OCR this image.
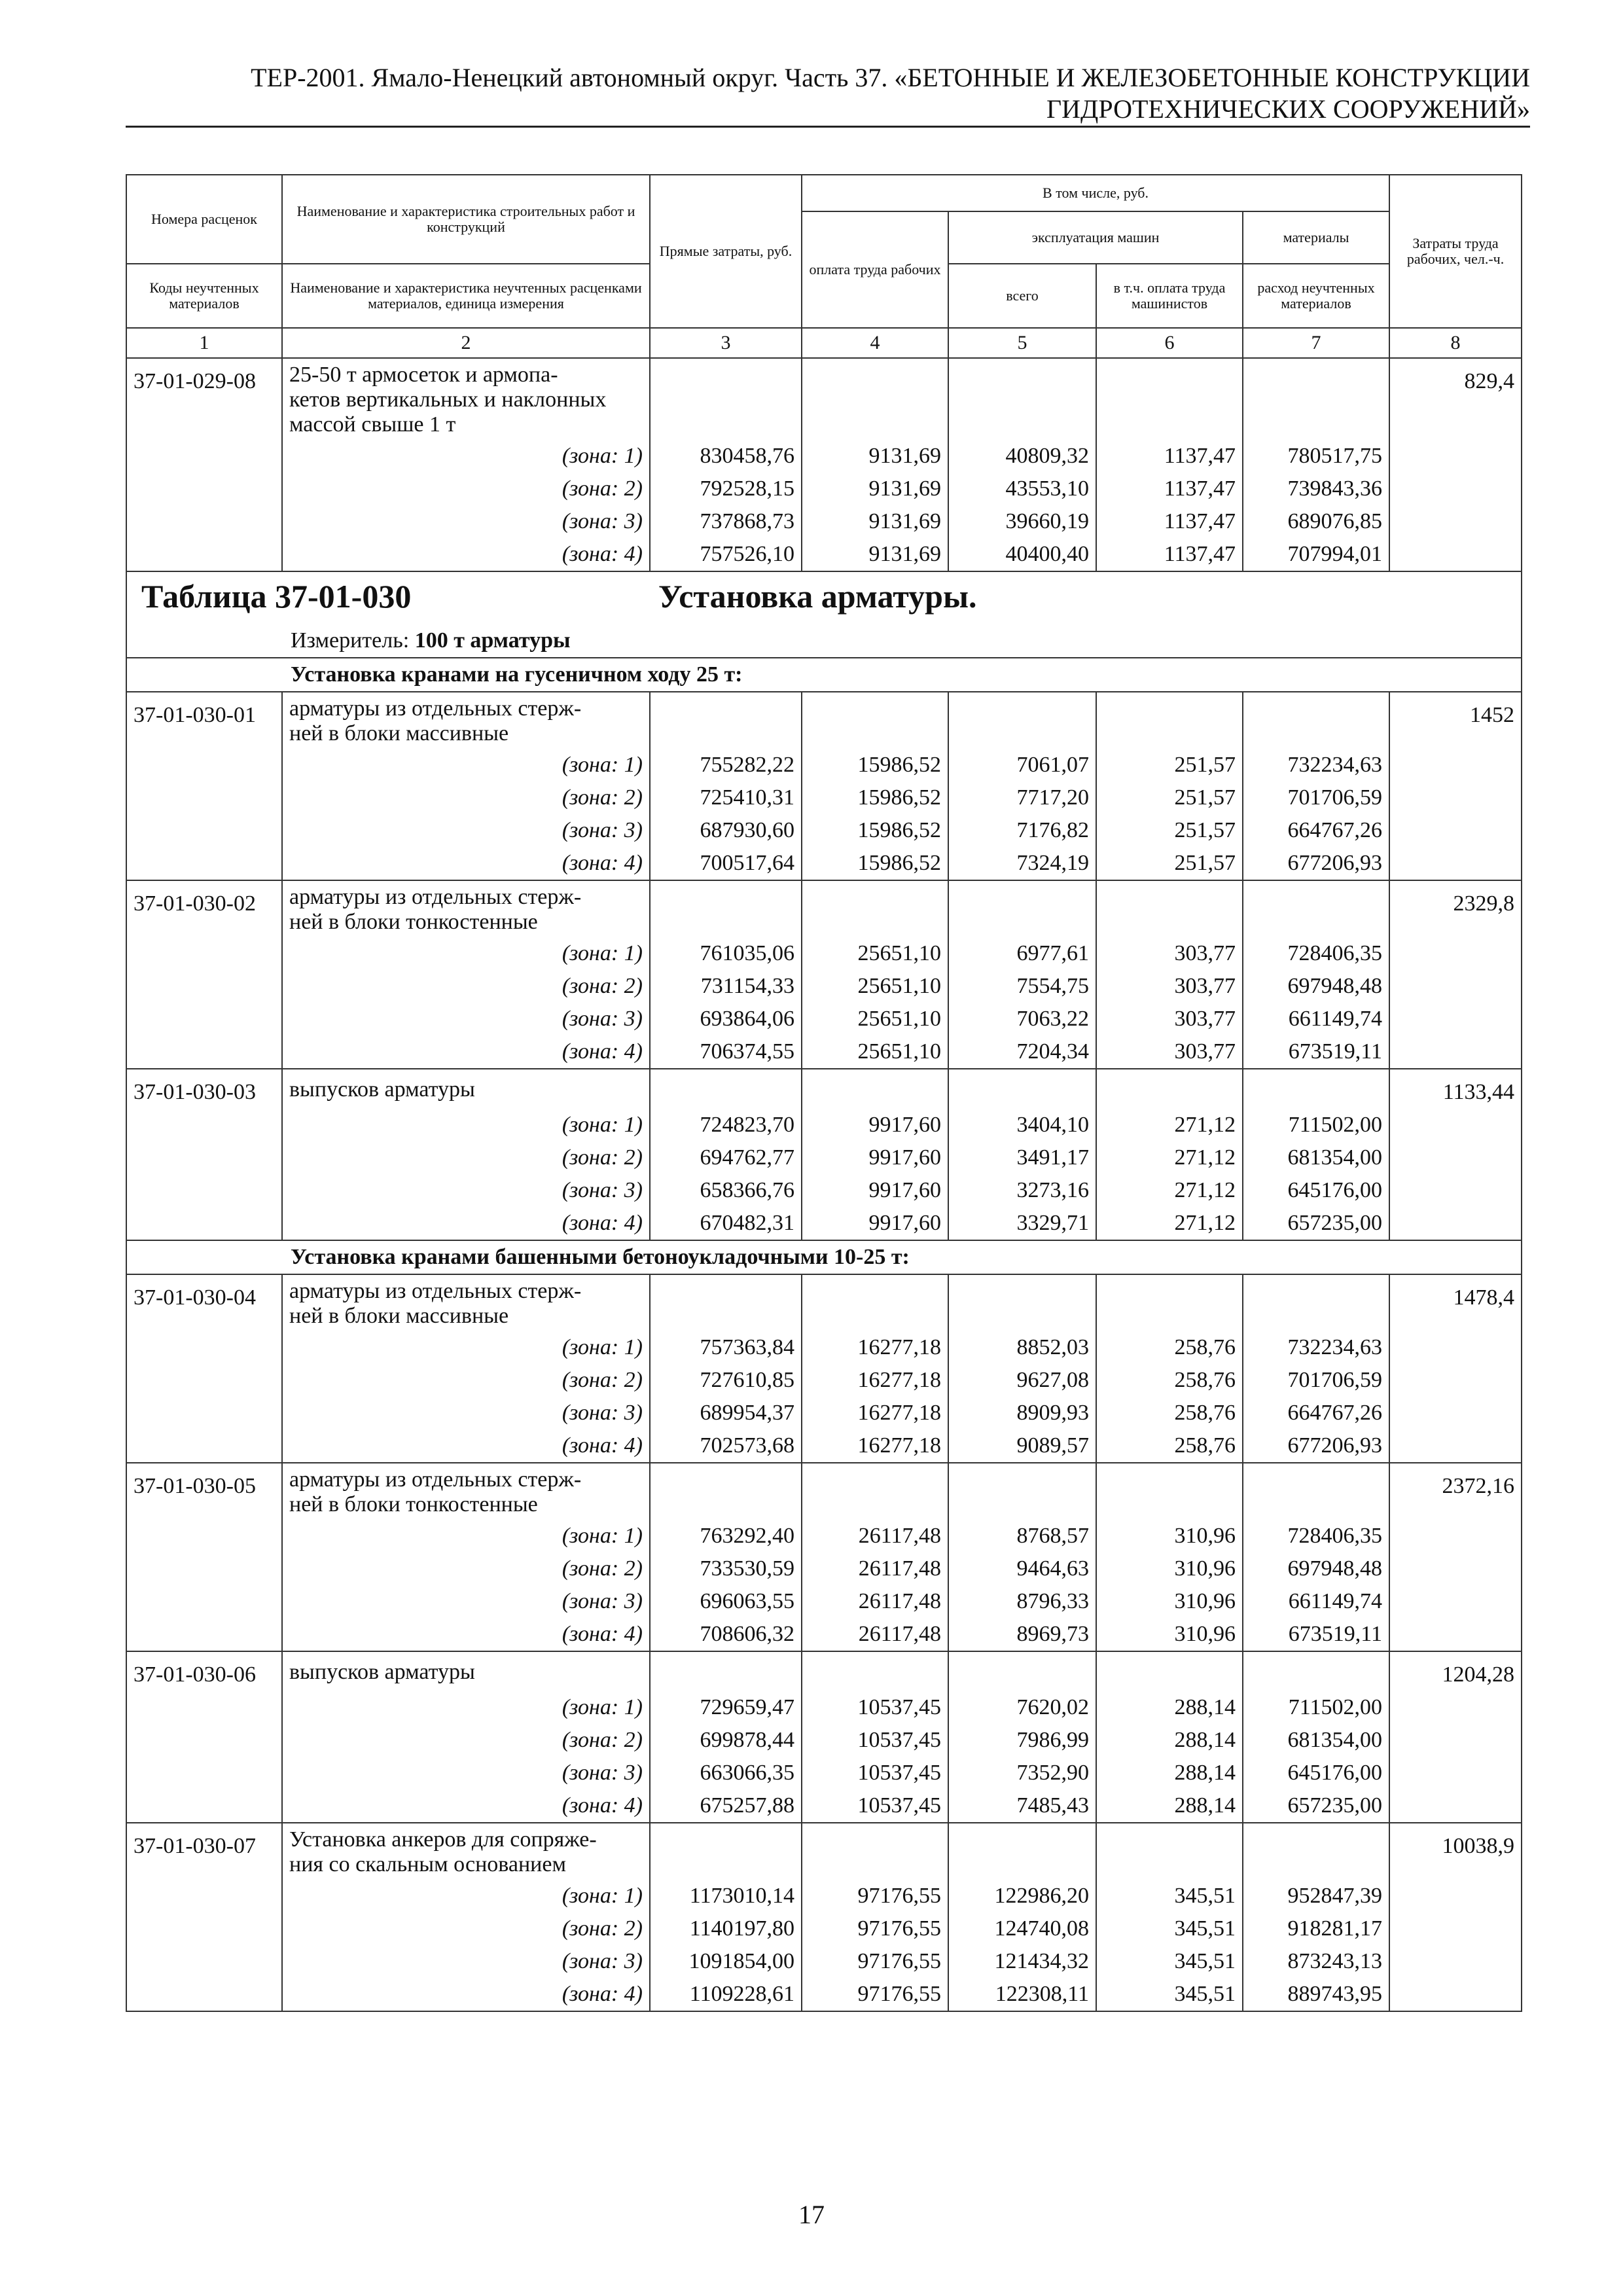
ТЕР-2001. Ямало-Ненецкий автономный округ. Часть 37. «БЕТОННЫЕ И ЖЕЛЕЗОБЕТОННЫЕ КОНСТРУКЦИИ
ГИДРОТЕХНИЧЕСКИХ СООРУЖЕНИЙ»
Номера расценок	Наименование и характеристика строительных работ и конструкций	Прямые затраты, руб.	В том числе, руб.				Затраты труда рабочих, чел.-ч.
			оплата труда рабочих	эксплуатация машин		материалы	
Коды неучтенных материалов	Наименование и характеристика неучтенных расценками материалов, единица измерения			всего	в т.ч. оплата труда машинистов	расход неучтенных материалов	
1	2	3	4	5	6	7	8
37-01-029-08	25-50 т армосеток и армопа-
кетов вертикальных и наклонных
массой свыше 1 т						829,4
	(зона: 1)	830458,76	9131,69	40809,32	1137,47	780517,75	
	(зона: 2)	792528,15	9131,69	43553,10	1137,47	739843,36	
	(зона: 3)	737868,73	9131,69	39660,19	1137,47	689076,85	
	(зона: 4)	757526,10	9131,69	40400,40	1137,47	707994,01	
Таблица 37-01-030 Установка арматуры.							

Измеритель: 100 т арматуры							
Установка кранами на гусеничном ходу 25 т:							
37-01-030-01	арматуры из отдельных стерж-
ней в блоки массивные						1452
	(зона: 1)	755282,22	15986,52	7061,07	251,57	732234,63	
	(зона: 2)	725410,31	15986,52	7717,20	251,57	701706,59	
	(зона: 3)	687930,60	15986,52	7176,82	251,57	664767,26	
	(зона: 4)	700517,64	15986,52	7324,19	251,57	677206,93	
37-01-030-02	арматуры из отдельных стерж-
ней в блоки тонкостенные						2329,8
	(зона: 1)	761035,06	25651,10	6977,61	303,77	728406,35	
	(зона: 2)	731154,33	25651,10	7554,75	303,77	697948,48	
	(зона: 3)	693864,06	25651,10	7063,22	303,77	661149,74	
	(зона: 4)	706374,55	25651,10	7204,34	303,77	673519,11	
37-01-030-03	выпусков арматуры						1133,44
	(зона: 1)	724823,70	9917,60	3404,10	271,12	711502,00	
	(зона: 2)	694762,77	9917,60	3491,17	271,12	681354,00	
	(зона: 3)	658366,76	9917,60	3273,16	271,12	645176,00	
	(зона: 4)	670482,31	9917,60	3329,71	271,12	657235,00	
Установка кранами башенными бетоноукладочными 10-25 т:							
37-01-030-04	арматуры из отдельных стерж-
ней в блоки массивные						1478,4
	(зона: 1)	757363,84	16277,18	8852,03	258,76	732234,63	
	(зона: 2)	727610,85	16277,18	9627,08	258,76	701706,59	
	(зона: 3)	689954,37	16277,18	8909,93	258,76	664767,26	
	(зона: 4)	702573,68	16277,18	9089,57	258,76	677206,93	
37-01-030-05	арматуры из отдельных стерж-
ней в блоки тонкостенные						2372,16
	(зона: 1)	763292,40	26117,48	8768,57	310,96	728406,35	
	(зона: 2)	733530,59	26117,48	9464,63	310,96	697948,48	
	(зона: 3)	696063,55	26117,48	8796,33	310,96	661149,74	
	(зона: 4)	708606,32	26117,48	8969,73	310,96	673519,11	
37-01-030-06	выпусков арматуры						1204,28
	(зона: 1)	729659,47	10537,45	7620,02	288,14	711502,00	
	(зона: 2)	699878,44	10537,45	7986,99	288,14	681354,00	
	(зона: 3)	663066,35	10537,45	7352,90	288,14	645176,00	
	(зона: 4)	675257,88	10537,45	7485,43	288,14	657235,00	
37-01-030-07	Установка анкеров для сопряже-
ния со скальным основанием						10038,9
	(зона: 1)	1173010,14	97176,55	122986,20	345,51	952847,39	
	(зона: 2)	1140197,80	97176,55	124740,08	345,51	918281,17	
	(зона: 3)	1091854,00	97176,55	121434,32	345,51	873243,13	
	(зона: 4)	1109228,61	97176,55	122308,11	345,51	889743,95	
17
